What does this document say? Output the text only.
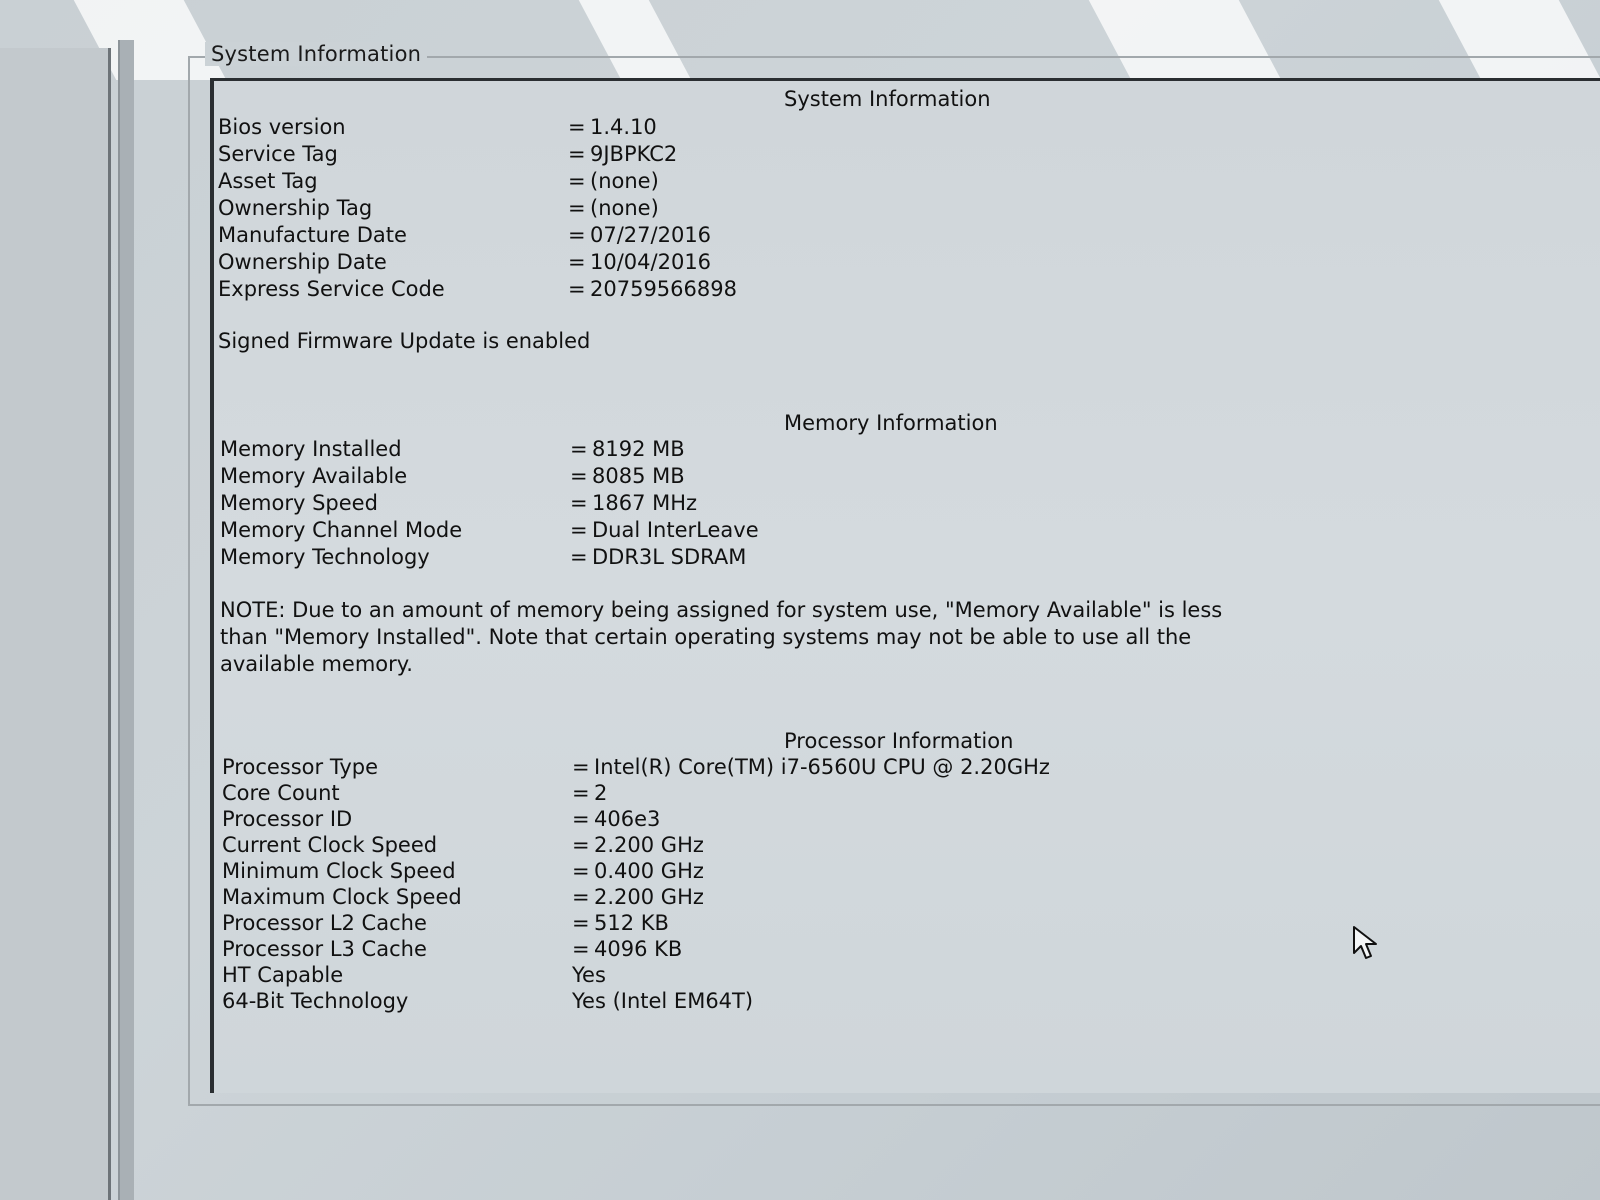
System Information
System Information
Bios version	= 1.4.10
Service Tag	= 9JBPKC2
Asset Tag	= (none)
Ownership Tag	= (none)
Manufacture Date	= 07/27/2016
Ownership Date	= 10/04/2016
Express Service Code	= 20759566898
Signed Firmware Update is enabled
Memory Information
Memory Installed	= 8192 MB
Memory Available	= 8085 MB
Memory Speed	= 1867 MHz
Memory Channel Mode	= Dual InterLeave
Memory Technology	= DDR3L SDRAM
NOTE: Due to an amount of memory being assigned for system use, "Memory Available" is less
than "Memory Installed". Note that certain operating systems may not be able to use all the
available memory.
Processor Information
Processor Type	= Intel(R) Core(TM) i7-6560U CPU @ 2.20GHz
Core Count	= 2
Processor ID	= 406e3
Current Clock Speed	= 2.200 GHz
Minimum Clock Speed	= 0.400 GHz
Maximum Clock Speed	= 2.200 GHz
Processor L2 Cache	= 512 KB
Processor L3 Cache	= 4096 KB
HT Capable	Yes
64-Bit Technology	Yes (Intel EM64T)
